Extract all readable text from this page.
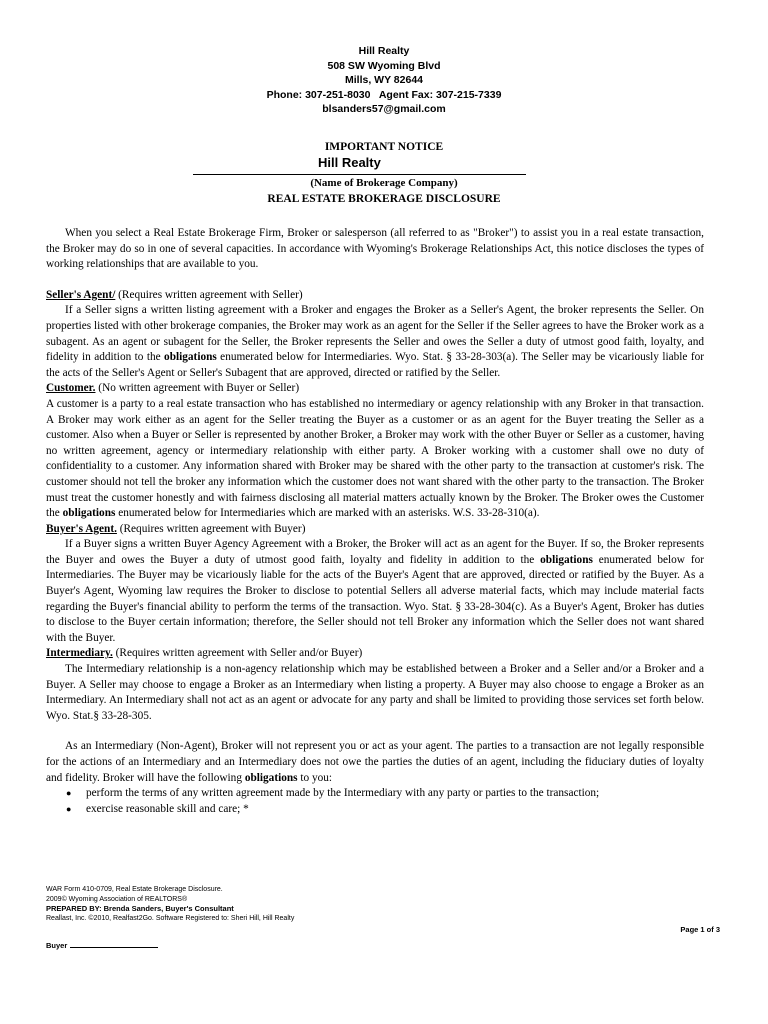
Hill Realty
508 SW Wyoming Blvd
Mills, WY 82644
Phone: 307-251-8030   Agent Fax: 307-215-7339
blsanders57@gmail.com
IMPORTANT NOTICE
Hill Realty
(Name of Brokerage Company)
REAL ESTATE BROKERAGE DISCLOSURE

When you select a Real Estate Brokerage Firm, Broker or salesperson (all referred to as "Broker") to assist you in a real estate transaction, the Broker may do so in one of several capacities. In accordance with Wyoming's Brokerage Relationships Act, this notice discloses the types of working relationships that are available to you.

Seller's Agent/ (Requires written agreement with Seller)

If a Seller signs a written listing agreement with a Broker and engages the Broker as a Seller's Agent, the broker represents the Seller. On properties listed with other brokerage companies, the Broker may work as an agent for the Seller if the Seller agrees to have the Broker work as a subagent. As an agent or subagent for the Seller, the Broker represents the Seller and owes the Seller a duty of utmost good faith, loyalty, and fidelity in addition to the obligations enumerated below for Intermediaries. Wyo. Stat. § 33-28-303(a). The Seller may be vicariously liable for the acts of the Seller's Agent or Seller's Subagent that are approved, directed or ratified by the Seller.

Customer. (No written agreement with Buyer or Seller)

A customer is a party to a real estate transaction who has established no intermediary or agency relationship with any Broker in that transaction. A Broker may work either as an agent for the Seller treating the Buyer as a customer or as an agent for the Buyer treating the Seller as a customer. Also when a Buyer or Seller is represented by another Broker, a Broker may work with the other Buyer or Seller as a customer, having no written agreement, agency or intermediary relationship with either party. A Broker working with a customer shall owe no duty of confidentiality to a customer. Any information shared with Broker may be shared with the other party to the transaction at customer's risk. The customer should not tell the broker any information which the customer does not want shared with the other party to the transaction. The Broker must treat the customer honestly and with fairness disclosing all material matters actually known by the Broker. The Broker owes the Customer the obligations enumerated below for Intermediaries which are marked with an asterisks. W.S. 33-28-310(a).

Buyer's Agent. (Requires written agreement with Buyer)

If a Buyer signs a written Buyer Agency Agreement with a Broker, the Broker will act as an agent for the Buyer. If so, the Broker represents the Buyer and owes the Buyer a duty of utmost good faith, loyalty and fidelity in addition to the obligations enumerated below for Intermediaries. The Buyer may be vicariously liable for the acts of the Buyer's Agent that are approved, directed or ratified by the Buyer. As a Buyer's Agent, Wyoming law requires the Broker to disclose to potential Sellers all adverse material facts, which may include material facts regarding the Buyer's financial ability to perform the terms of the transaction. Wyo. Stat. § 33-28-304(c). As a Buyer's Agent, Broker has duties to disclose to the Buyer certain information; therefore, the Seller should not tell Broker any information which the Seller does not want shared with the Buyer.

Intermediary. (Requires written agreement with Seller and/or Buyer)

The Intermediary relationship is a non-agency relationship which may be established between a Broker and a Seller and/or a Broker and a Buyer. A Seller may choose to engage a Broker as an Intermediary when listing a property. A Buyer may also choose to engage a Broker as an Intermediary. An Intermediary shall not act as an agent or advocate for any party and shall be limited to providing those services set forth below. Wyo. Stat.§ 33-28-305.

As an Intermediary (Non-Agent), Broker will not represent you or act as your agent. The parties to a transaction are not legally responsible for the actions of an Intermediary and an Intermediary does not owe the parties the duties of an agent, including the fiduciary duties of loyalty and fidelity. Broker will have the following obligations to you:

● perform the terms of any written agreement made by the Intermediary with any party or parties to the transaction;
● exercise reasonable skill and care; *
WAR Form 410-0709, Real Estate Brokerage Disclosure.
2009© Wyoming Association of REALTORS®
PREPARED BY: Brenda Sanders, Buyer's Consultant
Reallast, Inc. ©2010, Realfast2Go. Software Registered to: Sheri Hill, Hill Realty
Page 1 of 3
Buyer
